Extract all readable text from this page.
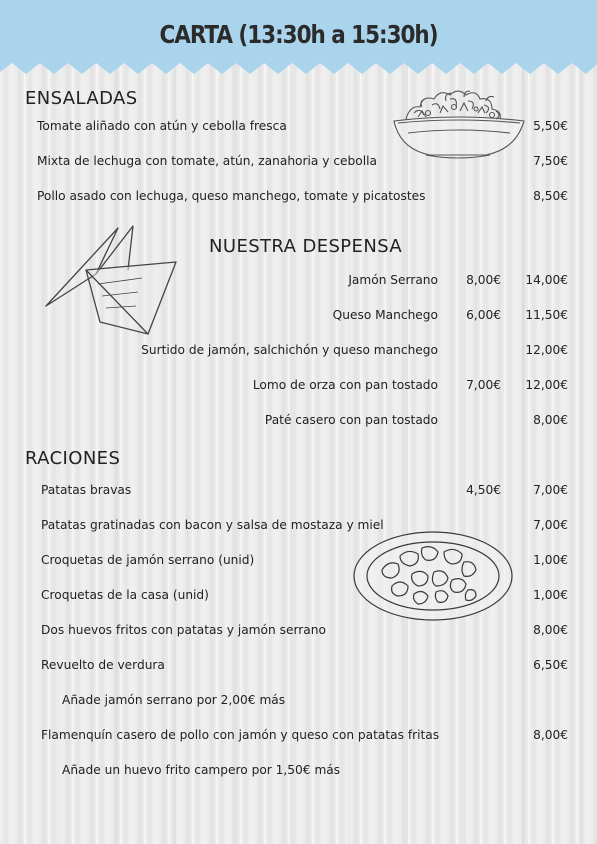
CARTA (13:30h a 15:30h)
ENSALADAS
Tomate aliñado con atún y cebolla fresca	5,50€
Mixta de lechuga con tomate, atún, zanahoria y cebolla	7,50€
Pollo asado con lechuga, queso manchego, tomate y picatostes	8,50€
NUESTRA DESPENSA
Jamón Serrano 8,00€ 14,00€
Queso Manchego 6,00€ 11,50€
Surtido de jamón, salchichón y queso manchego	12,00€
Lomo de orza con pan tostado 7,00€ 12,00€
Paté casero con pan tostado	8,00€
RACIONES
Patatas bravas	4,50€	7,00€
Patatas gratinadas con bacon y salsa de mostaza y miel	7,00€
Croquetas de jamón serrano (unid)	1,00€
Croquetas de la casa (unid)	1,00€
Dos huevos fritos con patatas y jamón serrano	8,00€
Revuelto de verdura	6,50€
Añade jamón serrano por 2,00€ más
Flamenquín casero de pollo con jamón y queso con patatas fritas	8,00€
Añade un huevo frito campero por 1,50€ más
